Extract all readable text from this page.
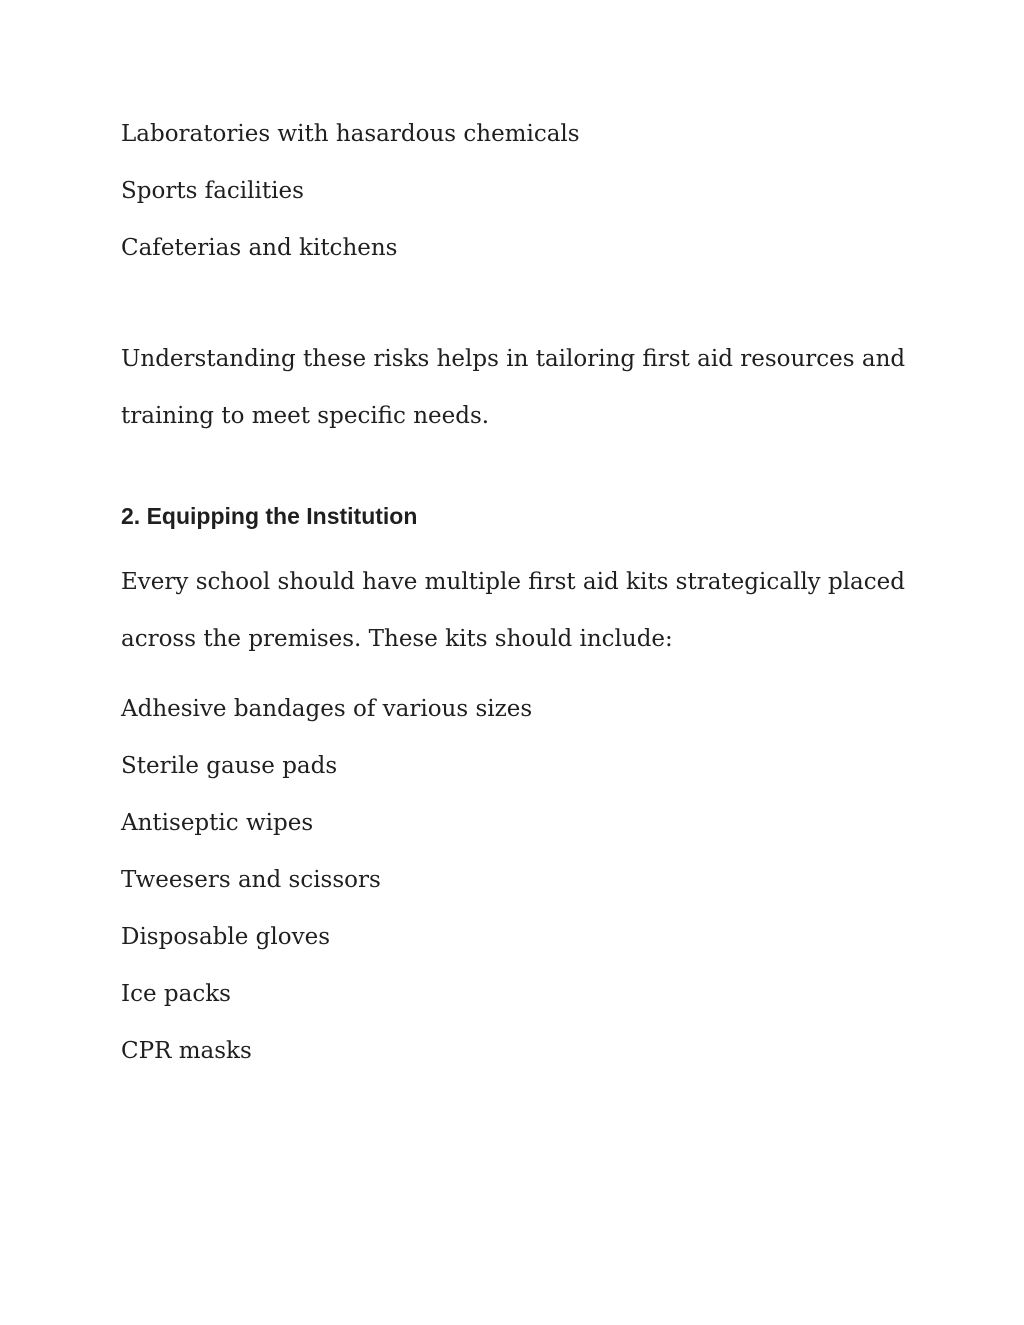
Laboratories with hasardous chemicals

Sports facilities

Cafeterias and kitchens

Understanding these risks helps in tailoring first aid resources and

training to meet specific needs.

2. Equipping the Institution

Every school should have multiple first aid kits strategically placed

across the premises. These kits should include:

Adhesive bandages of various sizes

Sterile gause pads

Antiseptic wipes

Tweesers and scissors

Disposable gloves

Ice packs

CPR masks
